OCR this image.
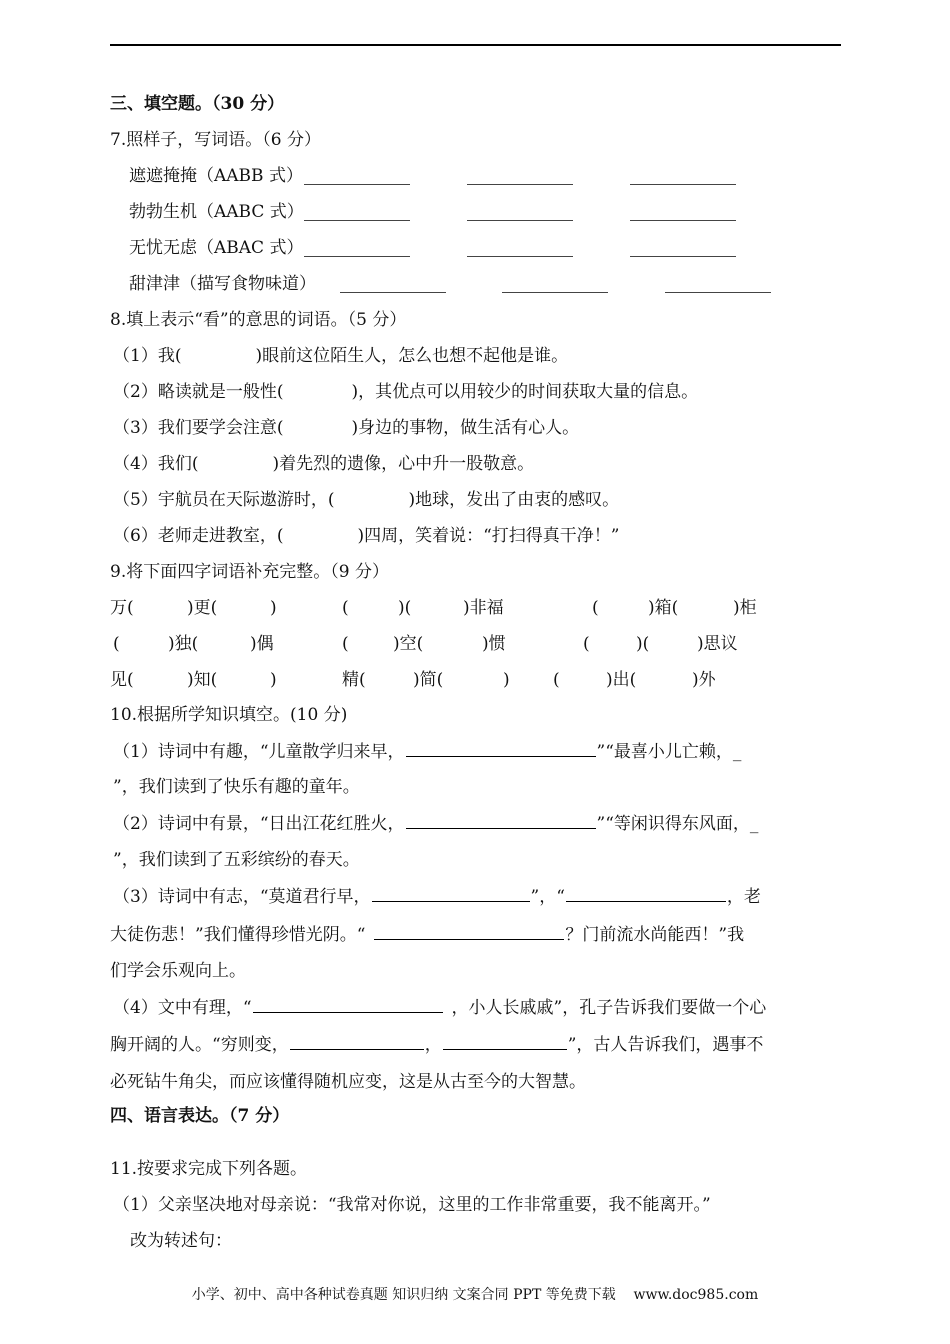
三、填空题。（30 分）
7.照样子，写词语。（6 分）
遮遮掩掩（AABB 式）
勃勃生机（AABC 式）
无忧无虑（ABAC 式）
甜津津（描写食物味道）
8.填上表示“看”的意思的词语。（5 分）
（1）我(	)眼前这位陌生人，怎么也想不起他是谁。
（2）略读就是一般性(	)，其优点可以用较少的时间获取大量的信息。
（3）我们要学会注意(	)身边的事物，做生活有心人。
（4）我们(	)着先烈的遗像，心中升一股敬意。
（5）宇航员在天际遨游时，(	)地球，发出了由衷的感叹。
（6）老师走进教室，(	)四周，笑着说：“打扫得真干净！”
9.将下面四字词语补充完整。（9 分）
万(	)更(	)	(	)(	)非福	(	)箱(	)柜
(	)独(	)偶	(	)空(	)惯	(	)(	)思议
见(	)知(	)	精(	)简(	)	(	)出(	)外
10.根据所学知识填空。(10 分)
（1）诗词中有趣，“儿童散学归来早，	”“最喜小儿亡赖，_
”，我们读到了快乐有趣的童年。
（2）诗词中有景，“日出江花红胜火，	”“等闲识得东风面，_
”，我们读到了五彩缤纷的春天。
（3）诗词中有志，“莫道君行早，	”，“	，老
大徒伤悲！”我们懂得珍惜光阴。“	？门前流水尚能西！”我
们学会乐观向上。
（4）文中有理，“	，小人长戚戚”，孔子告诉我们要做一个心
胸开阔的人。“穷则变，	，	”，古人告诉我们，遇事不
必死钻牛角尖，而应该懂得随机应变，这是从古至今的大智慧。
四、语言表达。（7 分）
11.按要求完成下列各题。
（1）父亲坚决地对母亲说：“我常对你说，这里的工作非常重要，我不能离开。”
改为转述句：
小学、初中、高中各种试卷真题 知识归纳 文案合同 PPT 等免费下载 www.doc985.com
